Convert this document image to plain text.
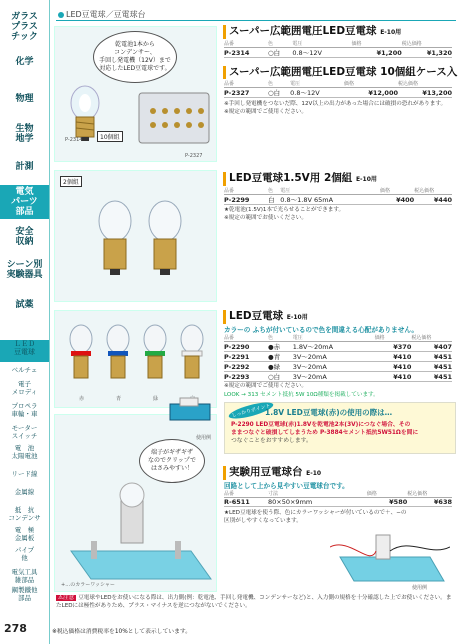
ガラス
プラス
チック
化学
物理
生物
地学
計測
電気
パーツ
部品
安全
収納
シーン別
実験器具
試薬
ＬＥＤ
豆電球
ベルチェ
電子
メロディ
プロペラ
車輪・車
モーター
スイッチ
電　池
太陽電池
リード線
金属線
抵　抗
コンデンサ
電　極
金属板
パイプ
他
電気工具
雑部品
鋼製鐵他
部品
LED豆電球／豆電球台
乾電池1本から
コンデンサー、
手回し発電機（12V）まで
対応したLED豆電球です。
P-2314	10個組
P-2327
2個組
赤	青	緑
端子がギザギザ
なのでクリップで
はさみやすい！
+…のカラーワッシャー
スーパー広範囲電圧LED豆電球 E-10用
品番	色	電圧	価格	税込価格
P-2314	○白	0.8〜12V	¥1,200	¥1,320
スーパー広範囲電圧LED豆電球 10個組ケース入
品番	色	電圧	価格	税込価格
P-2327	○白	0.8〜12V	¥12,000	¥13,200
※手回し発電機をつないだ際、12V以上の出力があった場合には破損の恐れがあります。
※規定の範囲でご使用ください。
LED豆電球1.5V用 2個組 E-10用
品番	色	電圧	価格	税込価格
P-2299	白	0.8〜1.8V 65mA	¥400	¥440
★乾電池(1.5V)1本で光らせることができます。
※規定の範囲でお使いください。
LED豆電球 E-10用
カラーの ふちが付いているので色を間違える心配がありません。
品番	色	電圧	価格	税込価格
P-2290	●赤	1.8V〜20mA	¥370	¥407
P-2291	●青	3V〜20mA	¥410	¥451
P-2292	●緑	3V〜20mA	¥410	¥451
P-2293	○白	3V〜20mA	¥410	¥451
※規定の範囲でご使用ください。
LOOK → 313 セメント抵抗 5W 10Ω種類を掲載しています。
しっかりポイント
1.8V LED豆電球(赤)の使用の際は…
P-2290 LED豆電球(赤)1.8Vを乾電池2本(3V)につなぐ場合、その
ままつなぐと破損してしまうため P-3884セメント抵抗5W51Ωを間に
つなぐことをおすすめします。
使用例
実験用豆電球台 E-10
回路として上から見やすい豆電球台です。
品番	寸法	価格	税込価格
R-6511	80×50×9mm	¥580	¥638
★LED豆電球を使う際、色にカラーワッシャーが付いているので＋、−の
区別がしやすくなっています。
使用例
⚠注意 豆電球やLEDをお使いになる際は、出力側(例：乾電池、手回し発電機、コンデンサーなど)と、入力側の規格を十分確認した上でお使いください。またLEDには極性がありため、プラス・マイナスを逆につながないでください。
278	※税込価格は消費税率を10%として表示しています。
